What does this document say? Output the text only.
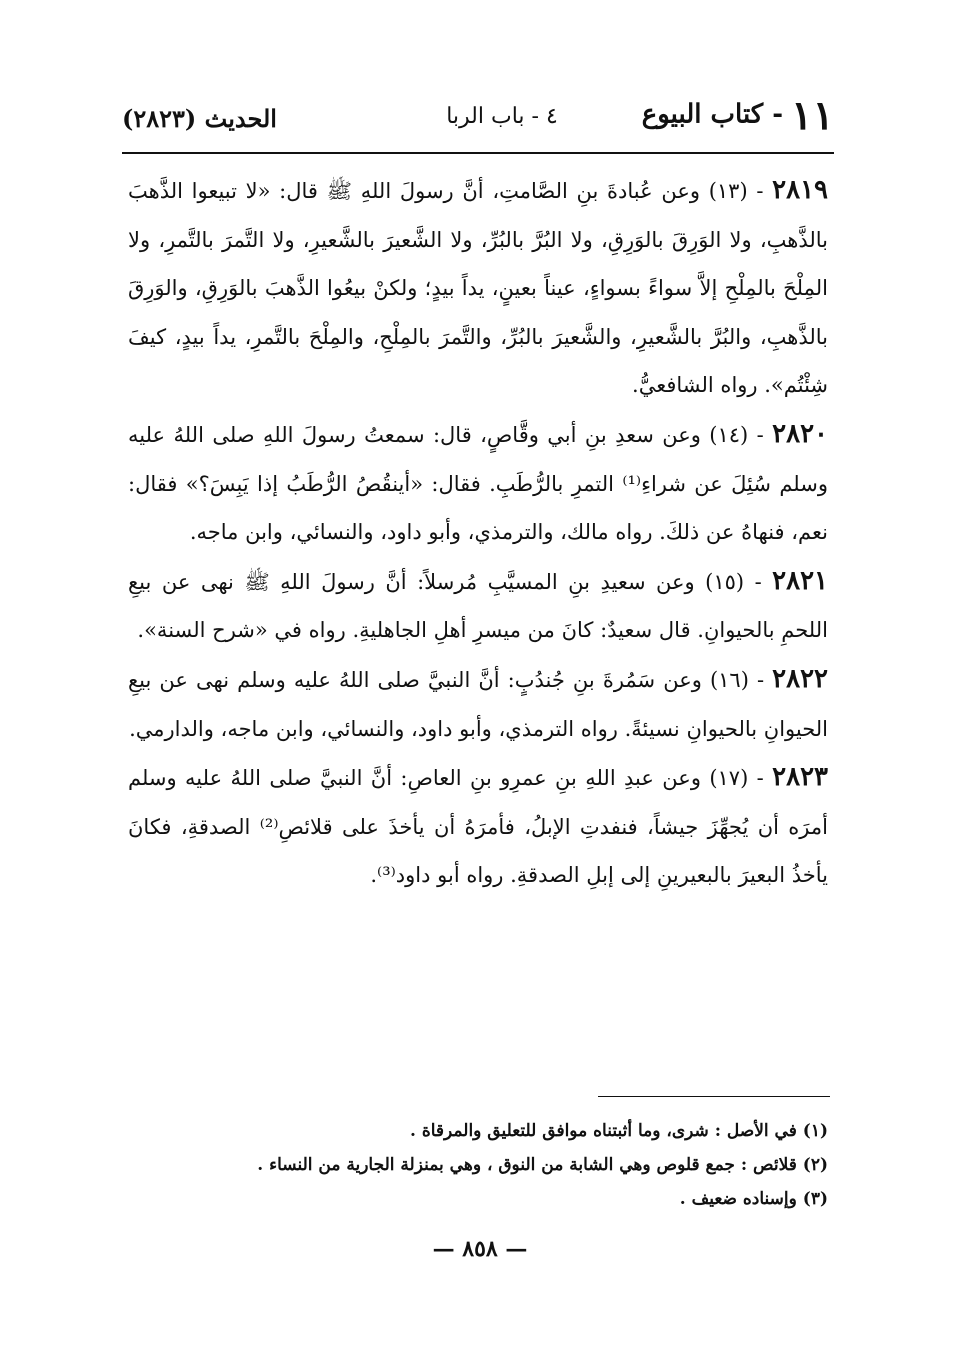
١١- كتاب البيوع
٤ - باب الربا
الحديث (٢٨٢٣)

٢٨١٩ - (١٣) وعن عُبادةَ بنِ الصَّامتِ، أنَّ رسولَ اللهِ ﷺ قال: «لا تبيعوا الذَّهبَ بالذَّهبِ، ولا الوَرِقَ بالوَرِقِ، ولا البُرَّ بالبُرِّ، ولا الشَّعيرَ بالشَّعيرِ، ولا التَّمرَ بالتَّمرِ، ولا المِلْحَ بالمِلْحِ إلاَّ سواءً بسواءٍ، عيناً بعينٍ، يداً بيدٍ؛ ولكنْ بيعُوا الذَّهبَ بالوَرِقِ، والوَرِقَ بالذَّهبِ، والبُرَّ بالشَّعيرِ، والشَّعيرَ بالبُرِّ، والتَّمرَ بالمِلْحِ، والمِلْحَ بالتَّمرِ، يداً بيدٍ، كيفَ شِئْتُم». رواه الشافعيُّ.

٢٨٢٠ - (١٤) وعن سعدِ بنِ أبي وقَّاصٍ، قال: سمعتُ رسولَ اللهِ صلى اللهُ عليه وسلم سُئِلَ عن شراءِ⁽¹⁾ التمرِ بالرُّطَبِ. فقال: «أينقُصُ الرُّطَبُ إذا يَبِسَ؟» فقال: نعم، فنهاهُ عن ذلكَ. رواه مالك، والترمذي، وأبو داود، والنسائي، وابن ماجه.

٢٨٢١ - (١٥) وعن سعيدِ بنِ المسيَّبِ مُرسلاً: أنَّ رسولَ اللهِ ﷺ نهى عن بيعِ اللحمِ بالحيوانِ. قال سعيدٌ: كانَ من ميسرِ أهلِ الجاهليةِ. رواه في «شرح السنة».

٢٨٢٢ - (١٦) وعن سَمُرةَ بنِ جُندُبٍ: أنَّ النبيَّ صلى اللهُ عليه وسلم نهى عن بيعِ الحيوانِ بالحيوانِ نسيئةً. رواه الترمذي، وأبو داود، والنسائي، وابن ماجه، والدارمي.

٢٨٢٣ - (١٧) وعن عبدِ اللهِ بنِ عمرِو بنِ العاصِ: أنَّ النبيَّ صلى اللهُ عليه وسلم أمرَه أن يُجهِّزَ جيشاً، فنفدتِ الإبلُ، فأمرَهُ أن يأخذَ على قلائصِ⁽²⁾ الصدقةِ، فكانَ يأخذُ البعيرَ بالبعيرينِ إلى إبلِ الصدقةِ. رواه أبو داود⁽³⁾.

(١) في الأصل : شرى، وما أثبتناه موافق للتعليق والمرقاة .

(٢) قلائص : جمع قلوص وهي الشابة من النوق ، وهي بمنزلة الجارية من النساء .

(٣) وإسناده ضعيف .

— ٨٥٨ —
